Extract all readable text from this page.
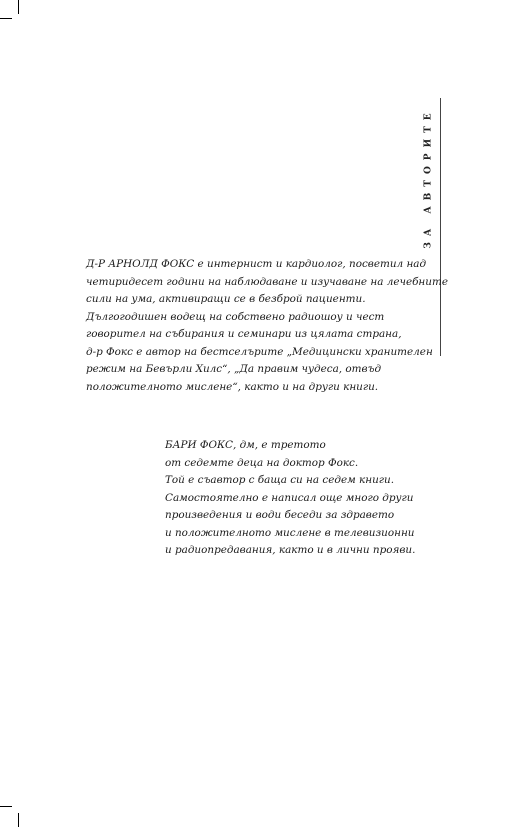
ЗА АВТОРИТЕ
Д-Р АРНОЛД ФОКС е интернист и кардиолог, посветил над
четиридесет години на наблюдаване и изучаване на лечебните
сили на ума, активиращи се в безброй пациенти.
Дългогодишен водещ на собствено радиошоу и чест
говорител на събирания и семинари из цялата страна,
д-р Фокс е автор на бестселърите „Медицински хранителен
режим на Бевърли Хилс“, „Да правим чудеса, отвъд
положителното мислене“, както и на други книги.
БАРИ ФОКС, дм, е третото
от седемте деца на доктор Фокс.
Той е съавтор с баща си на седем книги.
Самостоятелно е написал още много други
произведения и води беседи за здравето
и положителното мислене в телевизионни
и радиопредавания, както и в лични прояви.
